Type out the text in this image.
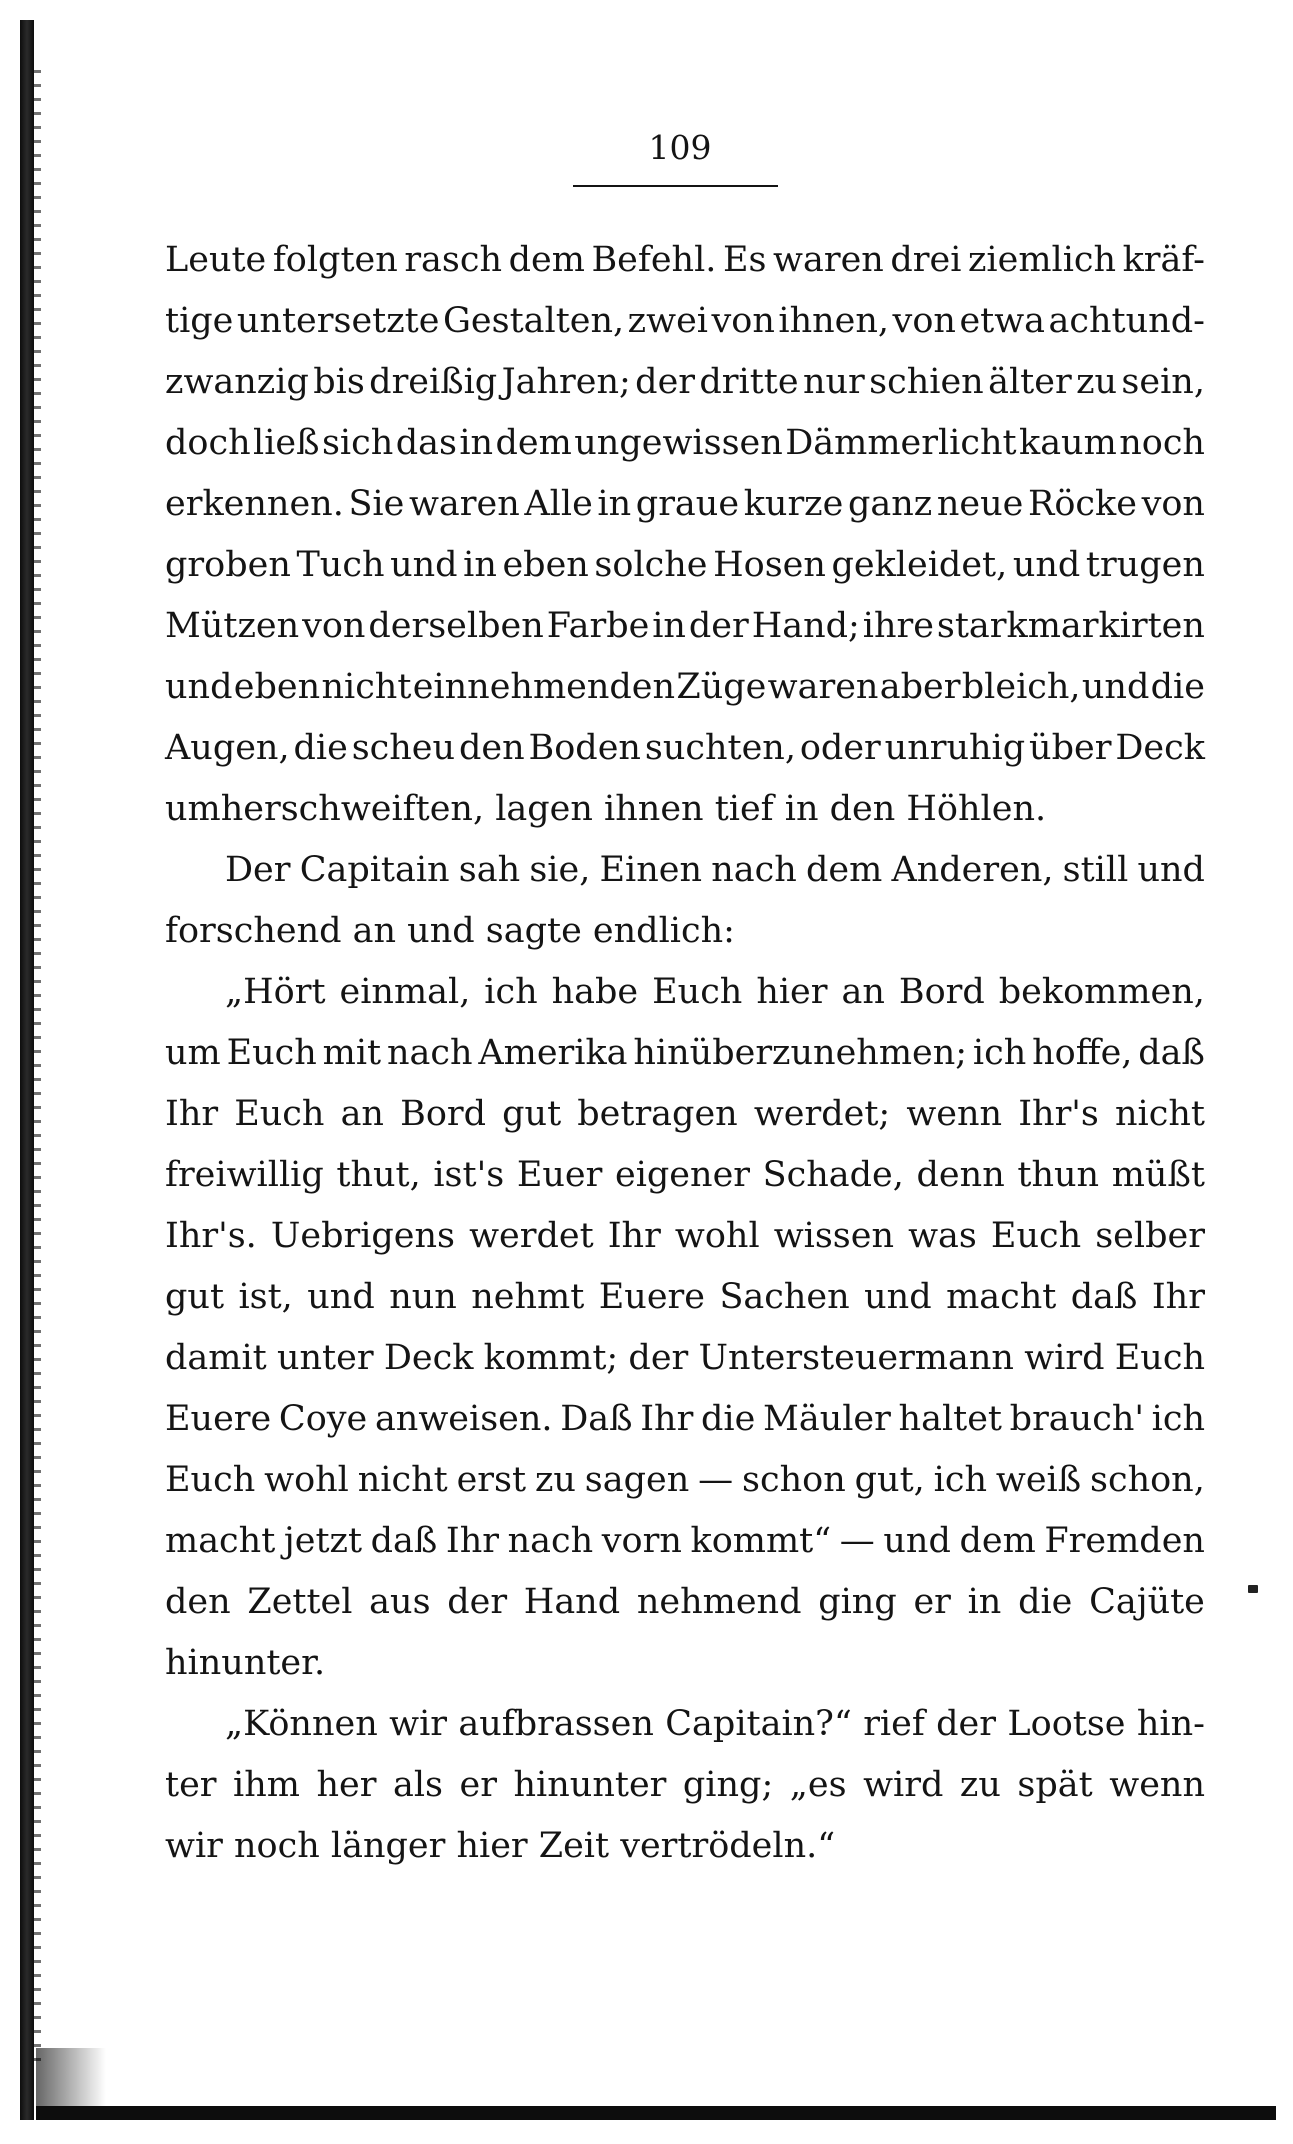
109

Leute folgten rasch dem Befehl. Es waren drei ziemlich kräf-
tige untersetzte Gestalten, zwei von ihnen, von etwa achtund-
zwanzig bis dreißig Jahren; der dritte nur schien älter zu sein,
doch ließ sich das in dem ungewissen Dämmerlicht kaum noch
erkennen. Sie waren Alle in graue kurze ganz neue Röcke von
groben Tuch und in eben solche Hosen gekleidet, und trugen
Mützen von derselben Farbe in der Hand; ihre starkmarkirten
und eben nicht einnehmenden Züge waren aber bleich, und die
Augen, die scheu den Boden suchten, oder unruhig über Deck
umherschweiften, lagen ihnen tief in den Höhlen.
Der Capitain sah sie, Einen nach dem Anderen, still und
forschend an und sagte endlich:
„Hört einmal, ich habe Euch hier an Bord bekommen,
um Euch mit nach Amerika hinüberzunehmen; ich hoffe, daß
Ihr Euch an Bord gut betragen werdet; wenn Ihr's nicht
freiwillig thut, ist's Euer eigener Schade, denn thun müßt
Ihr's. Uebrigens werdet Ihr wohl wissen was Euch selber
gut ist, und nun nehmt Euere Sachen und macht daß Ihr
damit unter Deck kommt; der Untersteuermann wird Euch
Euere Coye anweisen. Daß Ihr die Mäuler haltet brauch' ich
Euch wohl nicht erst zu sagen — schon gut, ich weiß schon,
macht jetzt daß Ihr nach vorn kommt“ — und dem Fremden
den Zettel aus der Hand nehmend ging er in die Cajüte
hinunter.
„Können wir aufbrassen Capitain?“ rief der Lootse hin-
ter ihm her als er hinunter ging; „es wird zu spät wenn
wir noch länger hier Zeit vertrödeln.“
